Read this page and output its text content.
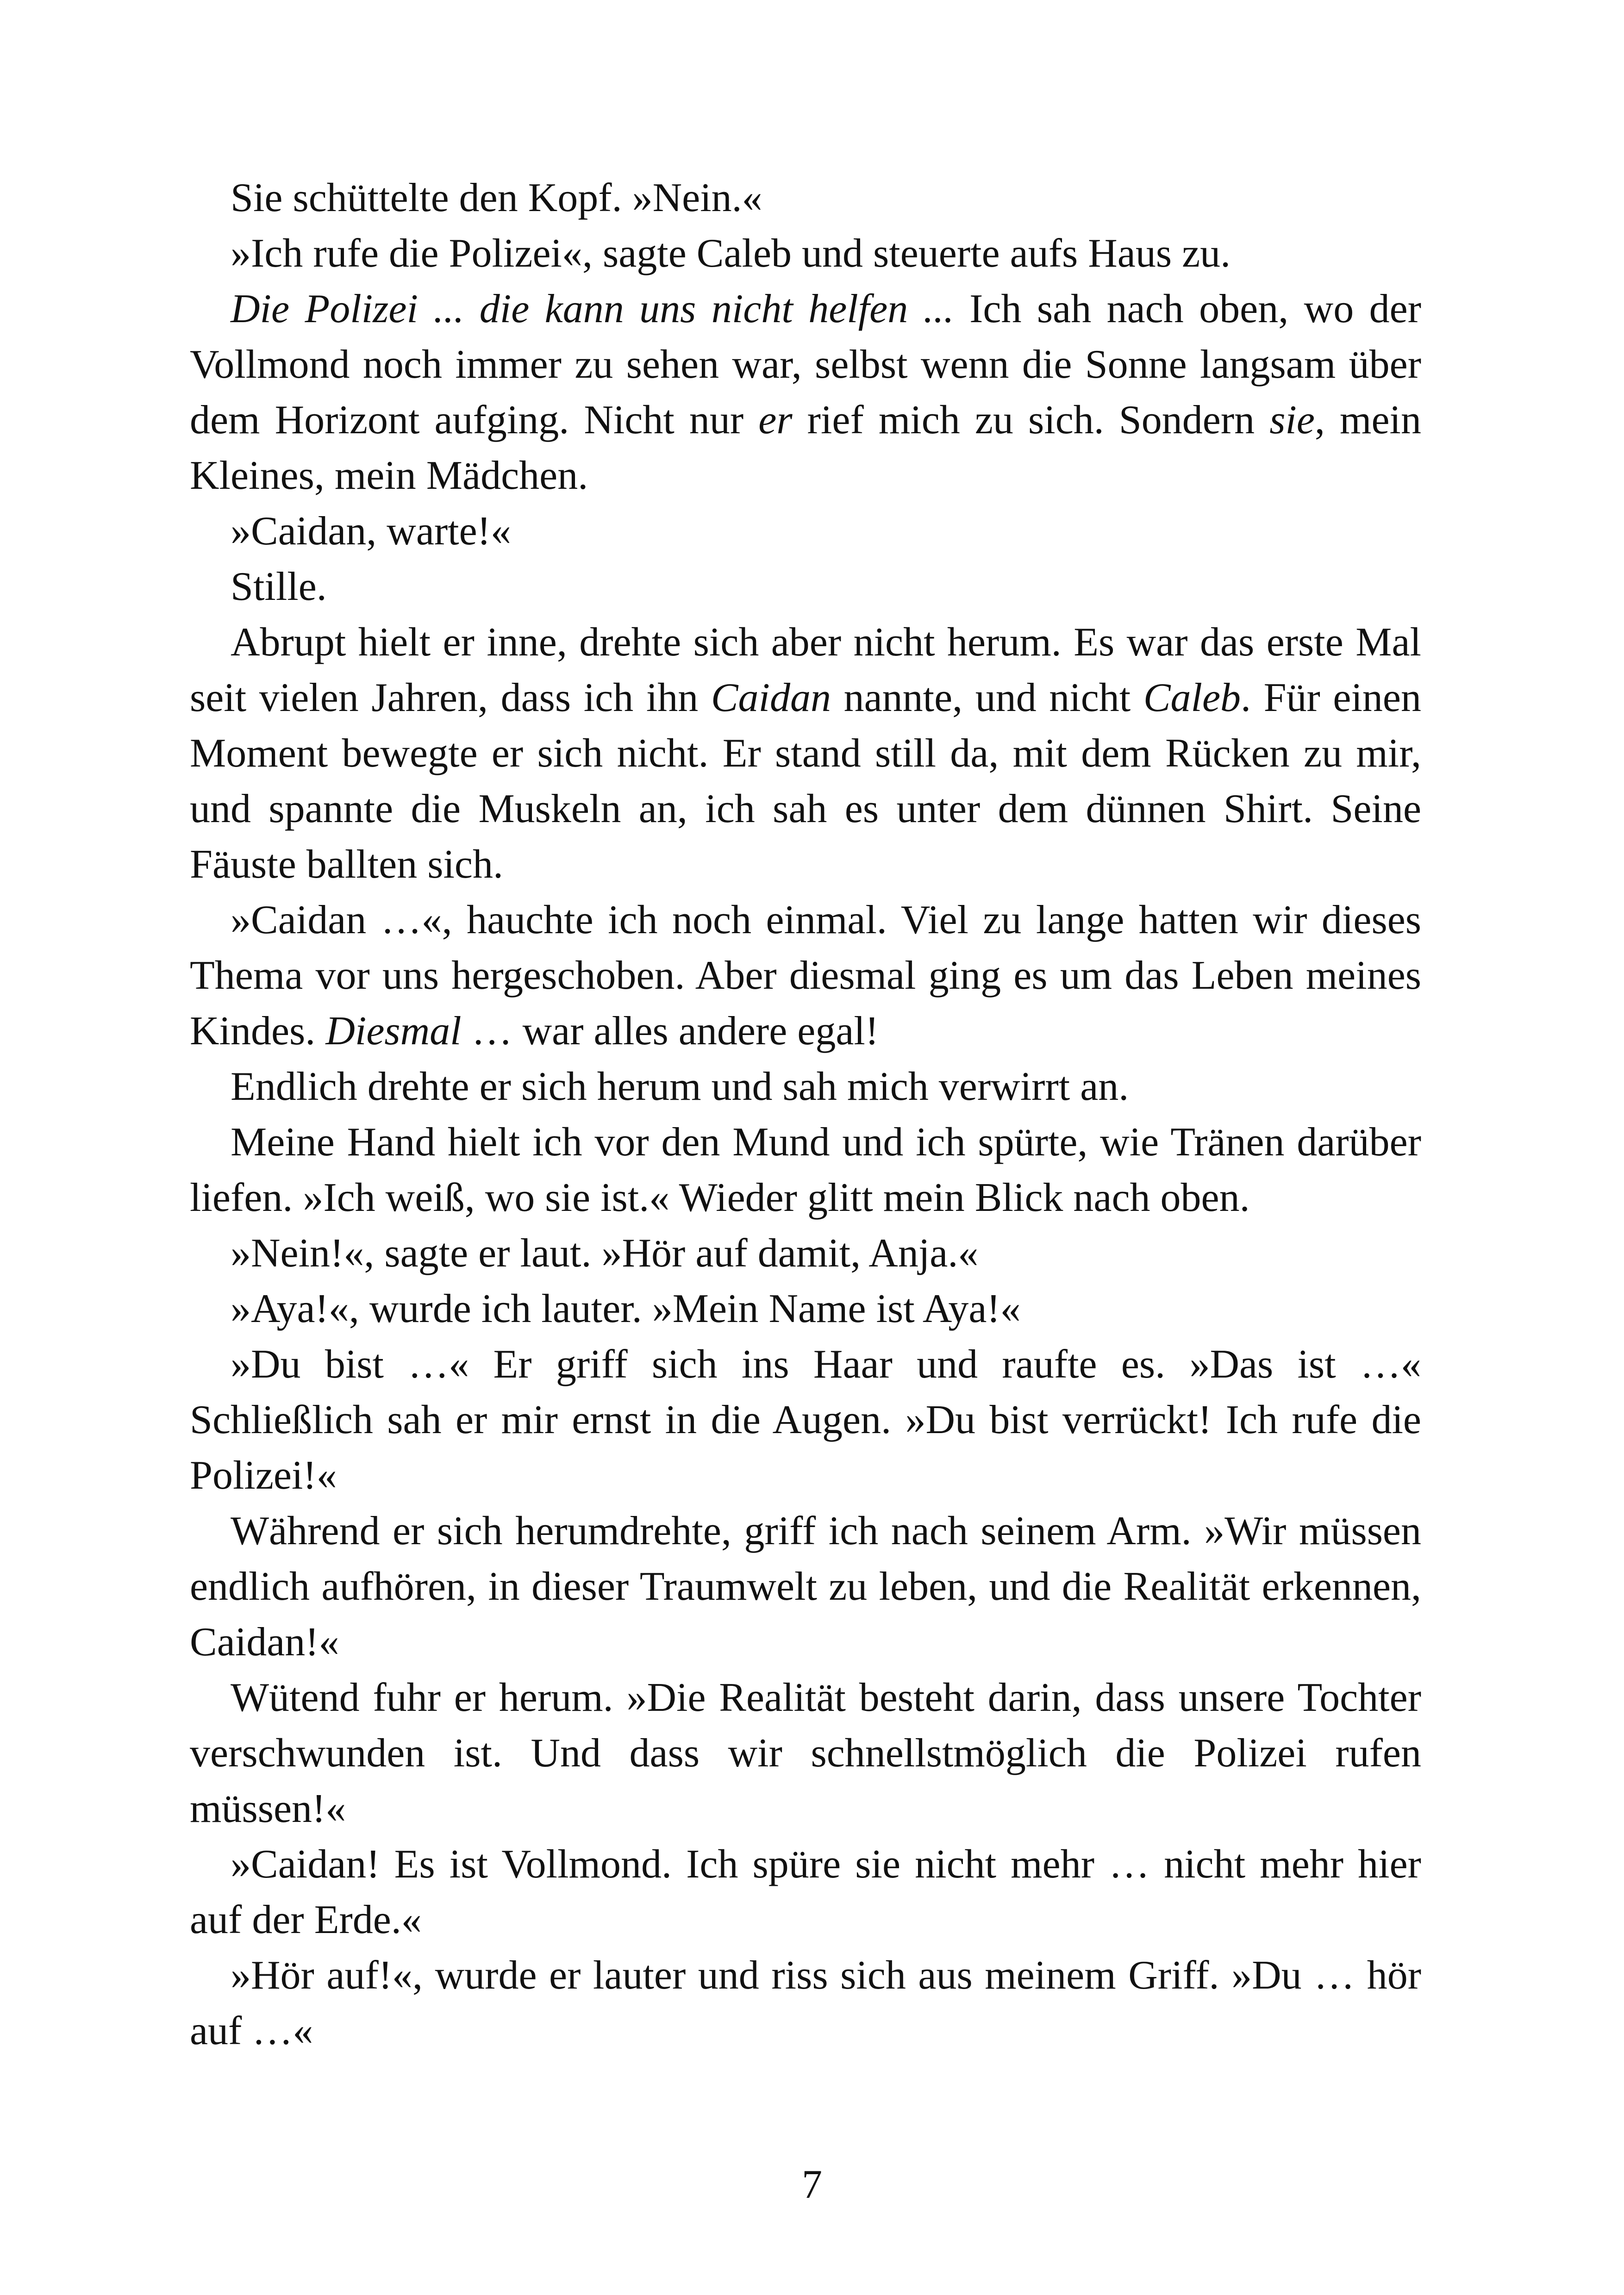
Sie schüttelte den Kopf. »Nein.«

»Ich rufe die Polizei«, sagte Caleb und steuerte aufs Haus zu.

Die Polizei ... die kann uns nicht helfen ... Ich sah nach oben, wo der Vollmond noch immer zu sehen war, selbst wenn die Sonne langsam über dem Horizont aufging. Nicht nur er rief mich zu sich. Sondern sie, mein Kleines, mein Mädchen.

»Caidan, warte!«

Stille.

Abrupt hielt er inne, drehte sich aber nicht herum. Es war das erste Mal seit vielen Jahren, dass ich ihn Caidan nannte, und nicht Caleb. Für einen Moment bewegte er sich nicht. Er stand still da, mit dem Rücken zu mir, und spannte die Muskeln an, ich sah es unter dem dünnen Shirt. Seine Fäuste ballten sich.

»Caidan …«, hauchte ich noch einmal. Viel zu lange hatten wir dieses Thema vor uns hergeschoben. Aber diesmal ging es um das Leben meines Kindes. Diesmal … war alles andere egal!

Endlich drehte er sich herum und sah mich verwirrt an.

Meine Hand hielt ich vor den Mund und ich spürte, wie Tränen darüber liefen. »Ich weiß, wo sie ist.« Wieder glitt mein Blick nach oben.

»Nein!«, sagte er laut. »Hör auf damit, Anja.«

»Aya!«, wurde ich lauter. »Mein Name ist Aya!«

»Du bist …« Er griff sich ins Haar und raufte es. »Das ist …« Schließlich sah er mir ernst in die Augen. »Du bist verrückt! Ich rufe die Polizei!«

Während er sich herumdrehte, griff ich nach seinem Arm. »Wir müssen endlich aufhören, in dieser Traumwelt zu leben, und die Realität erkennen, Caidan!«

Wütend fuhr er herum. »Die Realität besteht darin, dass unsere Tochter verschwunden ist. Und dass wir schnellstmöglich die Polizei rufen müssen!«

»Caidan! Es ist Vollmond. Ich spüre sie nicht mehr … nicht mehr hier auf der Erde.«

»Hör auf!«, wurde er lauter und riss sich aus meinem Griff. »Du … hör auf …«

7
